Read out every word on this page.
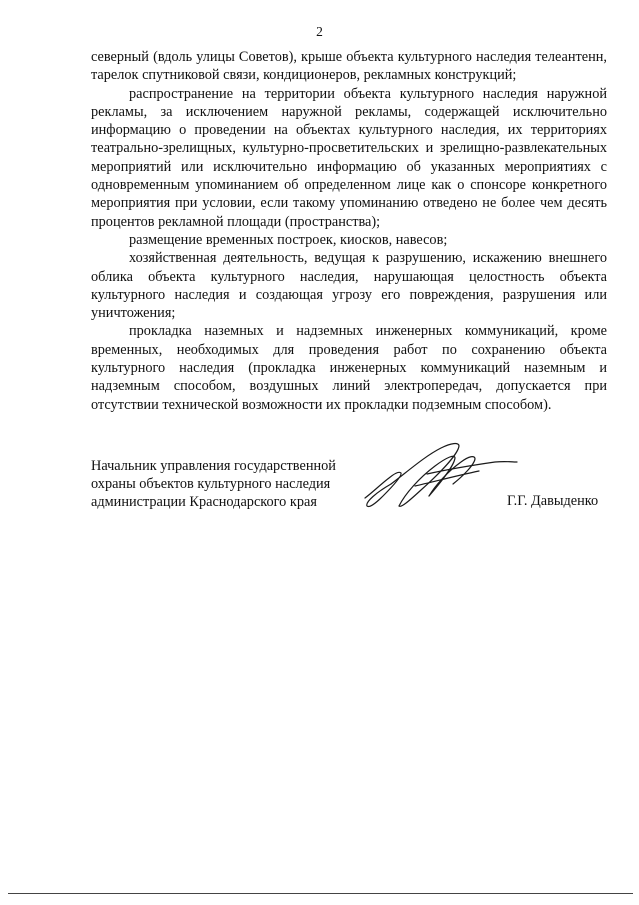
2

северный (вдоль улицы Советов), крыше объекта культурного наследия телеантенн, тарелок спутниковой связи, кондиционеров, рекламных конструкций;

распространение на территории объекта культурного наследия наружной рекламы, за исключением наружной рекламы, содержащей исключительно информацию о проведении на объектах культурного наследия, их территориях театрально-зрелищных, культурно-просветительских и зрелищно-развлекательных мероприятий или исключительно информацию об указанных мероприятиях с одновременным упоминанием об определенном лице как о спонсоре конкретного мероприятия при условии, если такому упоминанию отведено не более чем десять процентов рекламной площади (пространства);

размещение временных построек, киосков, навесов;

хозяйственная деятельность, ведущая к разрушению, искажению внешнего облика объекта культурного наследия, нарушающая целостность объекта культурного наследия и создающая угрозу его повреждения, разрушения или уничтожения;

прокладка наземных и надземных инженерных коммуникаций, кроме временных, необходимых для проведения работ по сохранению объекта культурного наследия (прокладка инженерных коммуникаций наземным и надземным способом, воздушных линий электропередач, допускается при отсутствии технической возможности их прокладки подземным способом).

Начальник управления государственной
охраны объектов культурного наследия
администрации Краснодарского края	Г.Г. Давыденко
